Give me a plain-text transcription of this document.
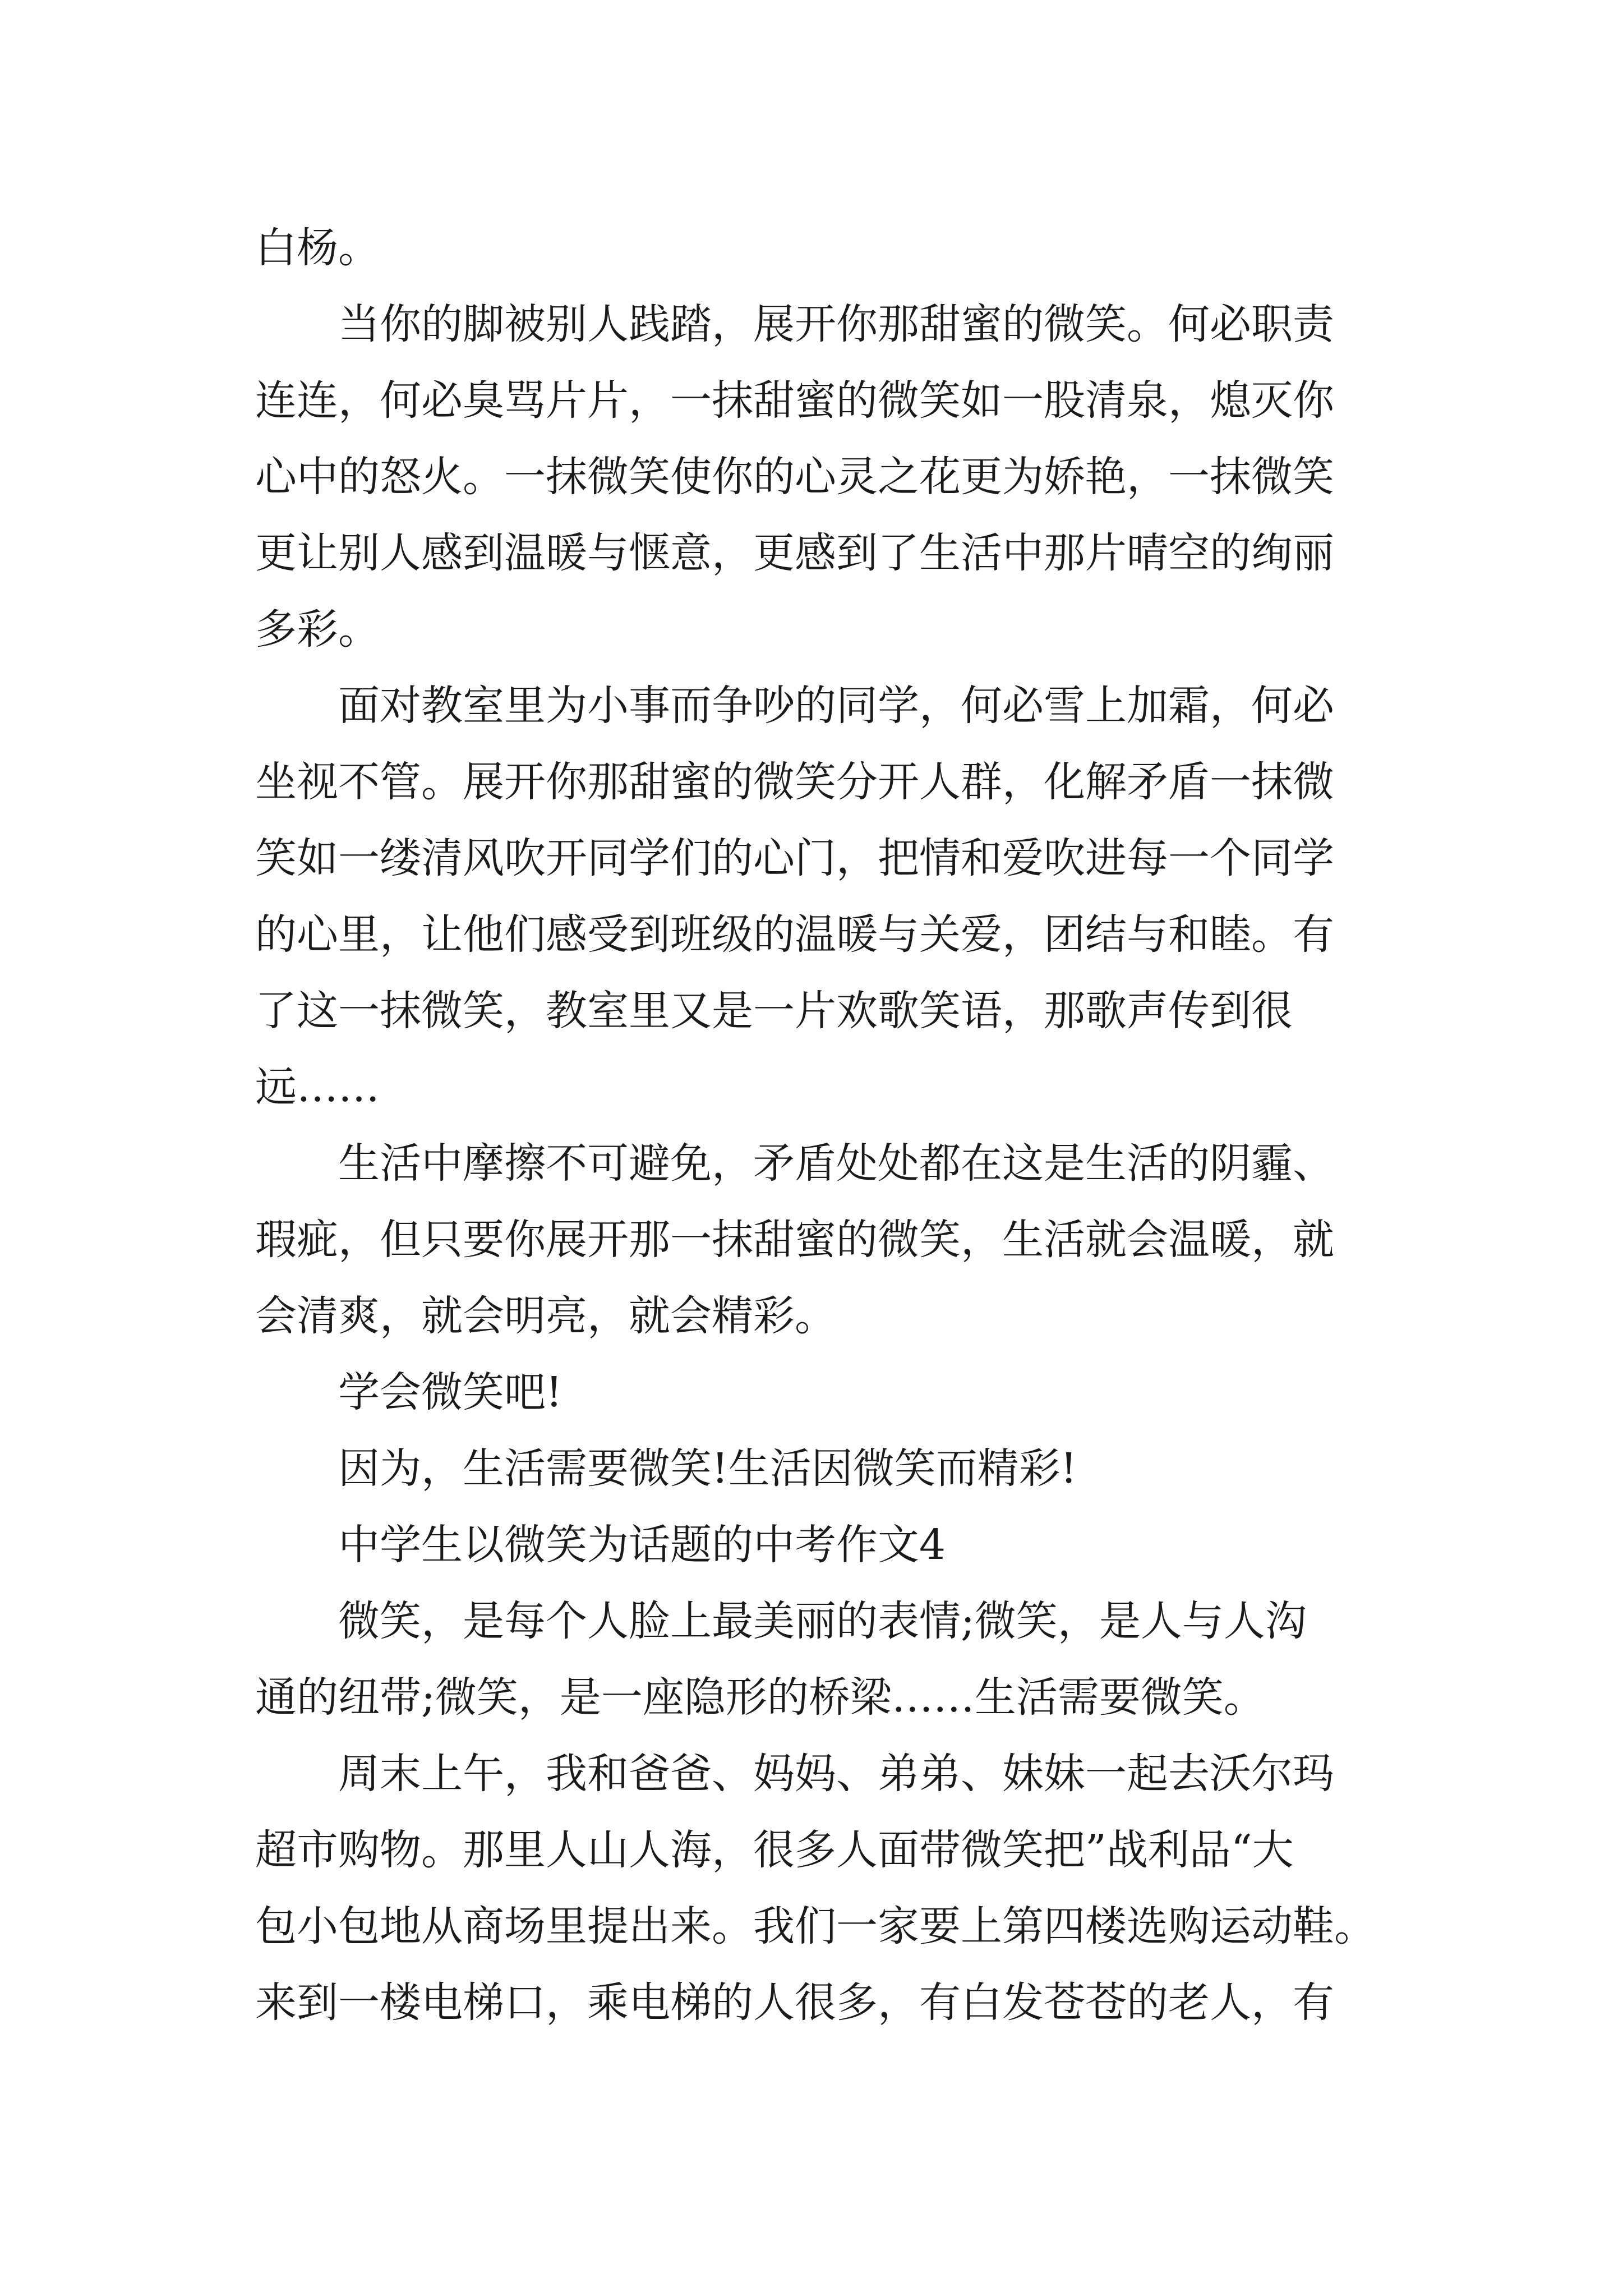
白杨。
当你的脚被别人践踏，展开你那甜蜜的微笑。何必职责
连连，何必臭骂片片，一抹甜蜜的微笑如一股清泉，熄灭你
心中的怒火。一抹微笑使你的心灵之花更为娇艳，一抹微笑
更让别人感到温暖与惬意，更感到了生活中那片晴空的绚丽
多彩。
面对教室里为小事而争吵的同学，何必雪上加霜，何必
坐视不管。展开你那甜蜜的微笑分开人群，化解矛盾一抹微
笑如一缕清风吹开同学们的心门，把情和爱吹进每一个同学
的心里，让他们感受到班级的温暖与关爱，团结与和睦。有
了这一抹微笑，教室里又是一片欢歌笑语，那歌声传到很
远……
生活中摩擦不可避免，矛盾处处都在这是生活的阴霾、
瑕疵，但只要你展开那一抹甜蜜的微笑，生活就会温暖，就
会清爽，就会明亮，就会精彩。
学会微笑吧!
因为，生活需要微笑!生活因微笑而精彩!
中学生以微笑为话题的中考作文4
微笑，是每个人脸上最美丽的表情;微笑，是人与人沟
通的纽带;微笑，是一座隐形的桥梁……生活需要微笑。
周末上午，我和爸爸、妈妈、弟弟、妹妹一起去沃尔玛
超市购物。那里人山人海，很多人面带微笑把”战利品“大
包小包地从商场里提出来。我们一家要上第四楼选购运动鞋。
来到一楼电梯口，乘电梯的人很多，有白发苍苍的老人，有
